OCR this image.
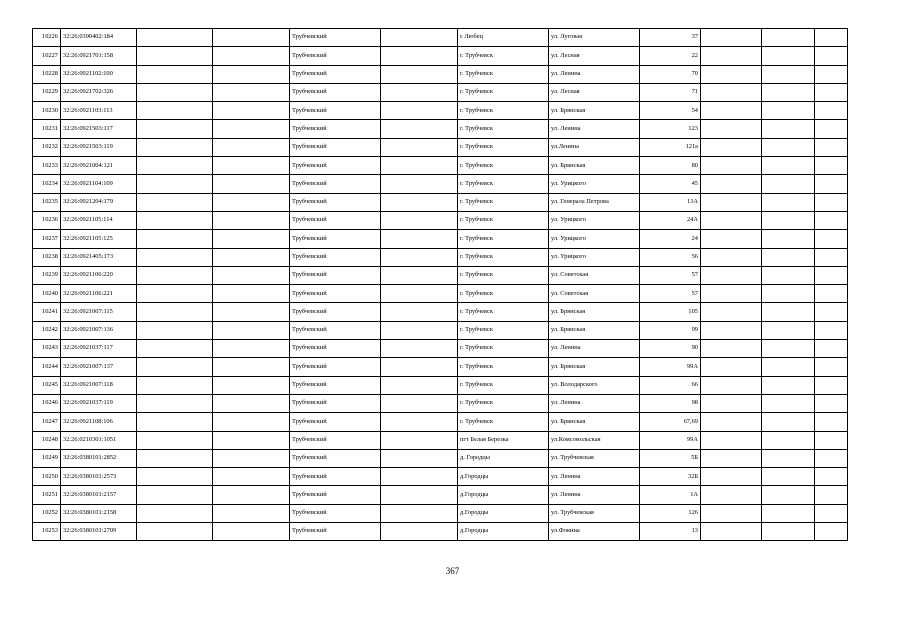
10226	32:26:0390402:184			Трубчевский		с Любец	ул. Луговая	37			
10227	32:26:0921701:158			Трубчевский		г. Трубчевск	ул. Лесная	22			
10228	32:26:0921102:100			Трубчевский		г. Трубчевск	ул. Ленина	70			
10229	32:26:0921702:326			Трубчевский		г. Трубчевск	ул. Лесная	71			
10230	32:26:0921103:113			Трубчевский		г. Трубчевск	ул. Брянская	54			
10231	32:26:0921503:117			Трубчевский		г. Трубчевск	ул. Ленина	123			
10232	32:26:0921503:119			Трубчевский		г. Трубчевск	ул.Ленина	121а			
10233	32:26:0921004:121			Трубчевский		г. Трубчевск	ул. Брянская	80			
10234	32:26:0921104:109			Трубчевский		г. Трубчевск	ул. Урицкого	45			
10235	32:26:0921204:179			Трубчевский		г. Трубчевск	ул. Генерала Петрова	13А			
10236	32:26:0921105:114			Трубчевский		г. Трубчевск	ул. Урицкого	24А			
10237	32:26:0921105:125			Трубчевский		г. Трубчевск	ул. Урицкого	24			
10238	32:26:0921405:173			Трубчевский		г. Трубчевск	ул. Урицкого	56			
10239	32:26:0921106:220			Трубчевский		г. Трубчевск	ул. Советская	57			
10240	32:26:0921106:221			Трубчевский		г. Трубчевск	ул. Советская	57			
10241	32:26:0921007:115			Трубчевский		г. Трубчевск	ул. Брянская	105			
10242	32:26:0921007:136			Трубчевский		г. Трубчевск	ул. Брянская	99			
10243	32:26:0921037:117			Трубчевский		г. Трубчевск	ул. Ленина	90			
10244	32:26:0921007:137			Трубчевский		г. Трубчевск	ул. Брянская	99А			
10245	32:26:0921007:118			Трубчевский		г. Трубчевск	ул. Володарского	66			
10246	32:26:0921037:119			Трубчевский		г. Трубчевск	ул. Ленина	98			
10247	32:26:0921108:106			Трубчевский		г. Трубчевск	ул. Брянская	67,69			
10248	32:26:0210301:1051			Трубчевский		пгт Белая Березка	ул.Комсомольская	99А			
10249	32:26:0380101:2852			Трубчевский		д. Городцы	ул. Трубчевская	5Б			
10250	32:26:0380101:2573			Трубчевский		д.Городцы	ул. Ленина	32Б			
10251	32:26:0380101:2157			Трубчевский		д.Городцы	ул. Ленина	1А			
10252	32:26:0380101:2158			Трубчевский		д.Городцы	ул. Трубчевская	126			
10253	32:26:0380101:2709			Трубчевский		д.Городцы	ул.Фокина	13			
367
